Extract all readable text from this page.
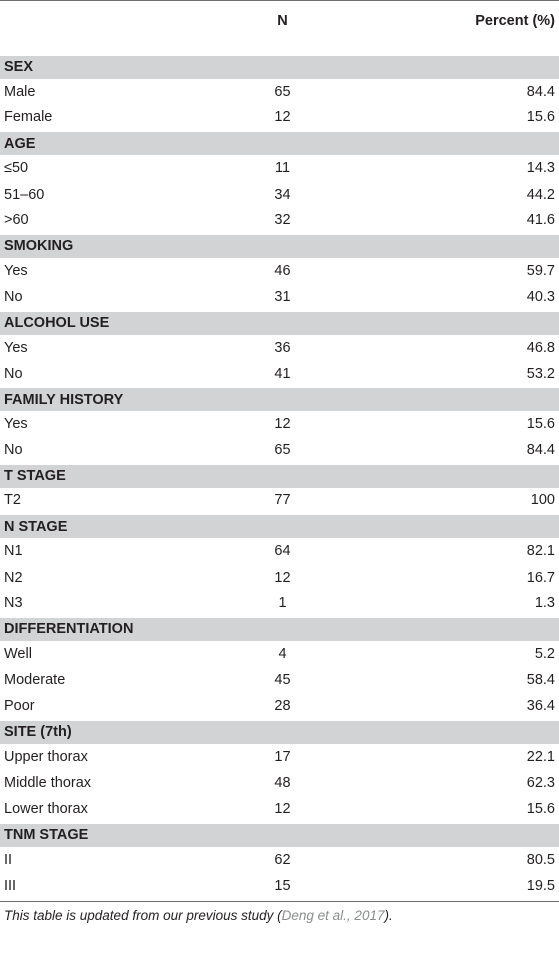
	N	Percent (%)

SEX		
Male	65	84.4
Female	12	15.6
AGE		
≤50	11	14.3
51–60	34	44.2
>60	32	41.6
SMOKING		
Yes	46	59.7
No	31	40.3
ALCOHOL USE		
Yes	36	46.8
No	41	53.2
FAMILY HISTORY		
Yes	12	15.6
No	65	84.4
T STAGE		
T2	77	100
N STAGE		
N1	64	82.1
N2	12	16.7
N3	1	1.3
DIFFERENTIATION		
Well	4	5.2
Moderate	45	58.4
Poor	28	36.4
SITE (7th)		
Upper thorax	17	22.1
Middle thorax	48	62.3
Lower thorax	12	15.6
TNM STAGE		
II	62	80.5
III	15	19.5
This table is updated from our previous study (Deng et al., 2017).
